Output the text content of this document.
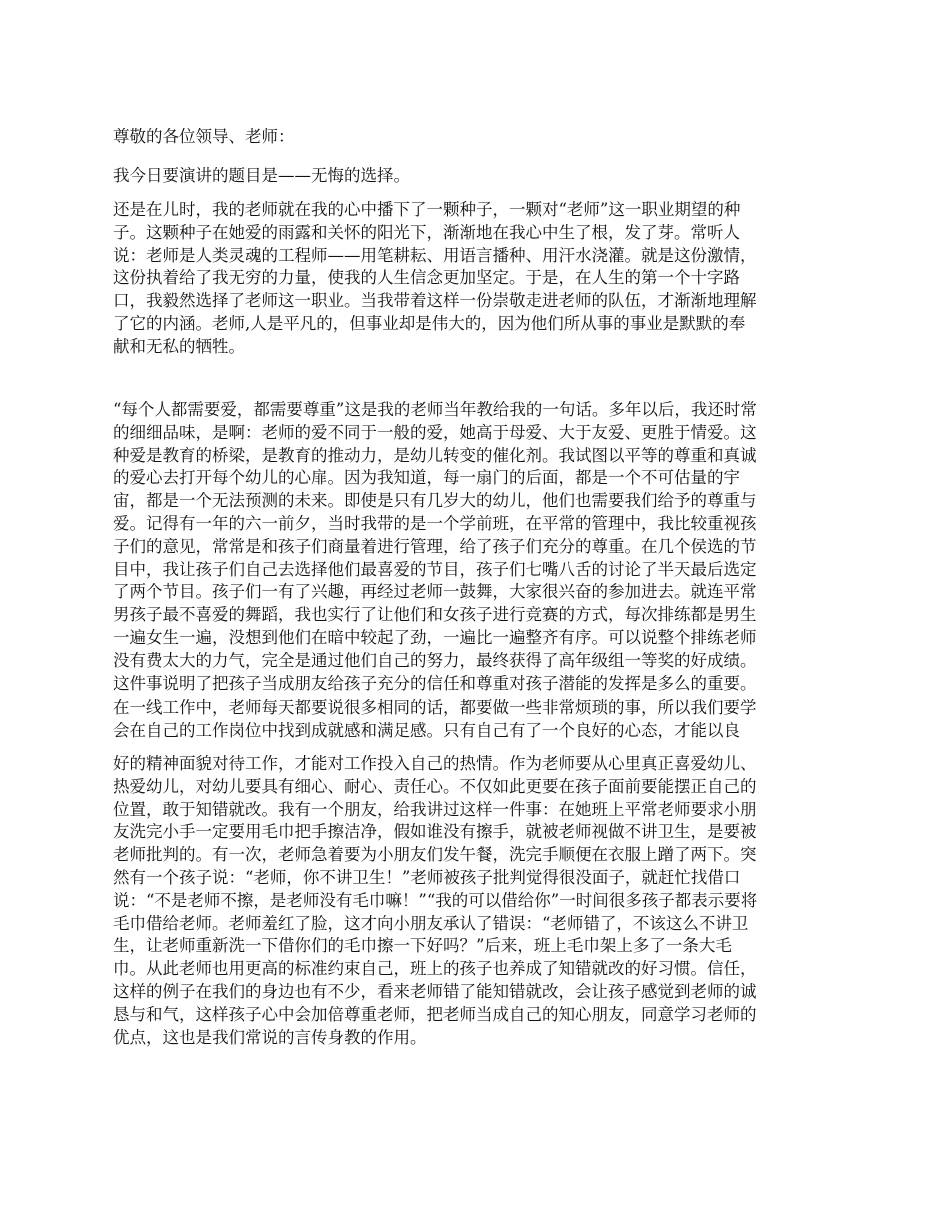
尊敬的各位领导、老师：

我今日要演讲的题目是——无悔的选择。

还是在儿时，我的老师就在我的心中播下了一颗种子，一颗对“老师”这一职业期望的种
子。这颗种子在她爱的雨露和关怀的阳光下，渐渐地在我心中生了根，发了芽。常听人
说：老师是人类灵魂的工程师——用笔耕耘、用语言播种、用汗水浇灌。就是这份激情，
这份执着给了我无穷的力量，使我的人生信念更加坚定。于是，在人生的第一个十字路
口，我毅然选择了老师这一职业。当我带着这样一份崇敬走进老师的队伍，才渐渐地理解
了它的内涵。老师,人是平凡的，但事业却是伟大的，因为他们所从事的事业是默默的奉
献和无私的牺牲。

“每个人都需要爱，都需要尊重”这是我的老师当年教给我的一句话。多年以后，我还时常
的细细品味，是啊：老师的爱不同于一般的爱，她高于母爱、大于友爱、更胜于情爱。这
种爱是教育的桥梁，是教育的推动力，是幼儿转变的催化剂。我试图以平等的尊重和真诚
的爱心去打开每个幼儿的心扉。因为我知道，每一扇门的后面，都是一个不可估量的宇
宙，都是一个无法预测的未来。即使是只有几岁大的幼儿，他们也需要我们给予的尊重与
爱。记得有一年的六一前夕，当时我带的是一个学前班，在平常的管理中，我比较重视孩
子们的意见，常常是和孩子们商量着进行管理，给了孩子们充分的尊重。在几个侯选的节
目中，我让孩子们自己去选择他们最喜爱的节目，孩子们七嘴八舌的讨论了半天最后选定
了两个节目。孩子们一有了兴趣，再经过老师一鼓舞，大家很兴奋的参加进去。就连平常
男孩子最不喜爱的舞蹈，我也实行了让他们和女孩子进行竞赛的方式，每次排练都是男生
一遍女生一遍，没想到他们在暗中较起了劲，一遍比一遍整齐有序。可以说整个排练老师
没有费太大的力气，完全是通过他们自己的努力，最终获得了高年级组一等奖的好成绩。
这件事说明了把孩子当成朋友给孩子充分的信任和尊重对孩子潜能的发挥是多么的重要。

在一线工作中，老师每天都要说很多相同的话，都要做一些非常烦琐的事，所以我们要学
会在自己的工作岗位中找到成就感和满足感。只有自己有了一个良好的心态，才能以良

好的精神面貌对待工作，才能对工作投入自己的热情。作为老师要从心里真正喜爱幼儿、
热爱幼儿，对幼儿要具有细心、耐心、责任心。不仅如此更要在孩子面前要能摆正自己的
位置，敢于知错就改。我有一个朋友，给我讲过这样一件事：在她班上平常老师要求小朋
友洗完小手一定要用毛巾把手擦洁净，假如谁没有擦手，就被老师视做不讲卫生，是要被
老师批判的。有一次，老师急着要为小朋友们发午餐，洗完手顺便在衣服上蹭了两下。突
然有一个孩子说：“老师，你不讲卫生！”老师被孩子批判觉得很没面子，就赶忙找借口
说：“不是老师不擦，是老师没有毛巾嘛！”“我的可以借给你”一时间很多孩子都表示要将
毛巾借给老师。老师羞红了脸，这才向小朋友承认了错误：“老师错了，不该这么不讲卫
生，让老师重新洗一下借你们的毛巾擦一下好吗？”后来，班上毛巾架上多了一条大毛
巾。从此老师也用更高的标准约束自己，班上的孩子也养成了知错就改的好习惯。信任，
这样的例子在我们的身边也有不少，看来老师错了能知错就改，会让孩子感觉到老师的诚
恳与和气，这样孩子心中会加倍尊重老师，把老师当成自己的知心朋友，同意学习老师的
优点，这也是我们常说的言传身教的作用。
